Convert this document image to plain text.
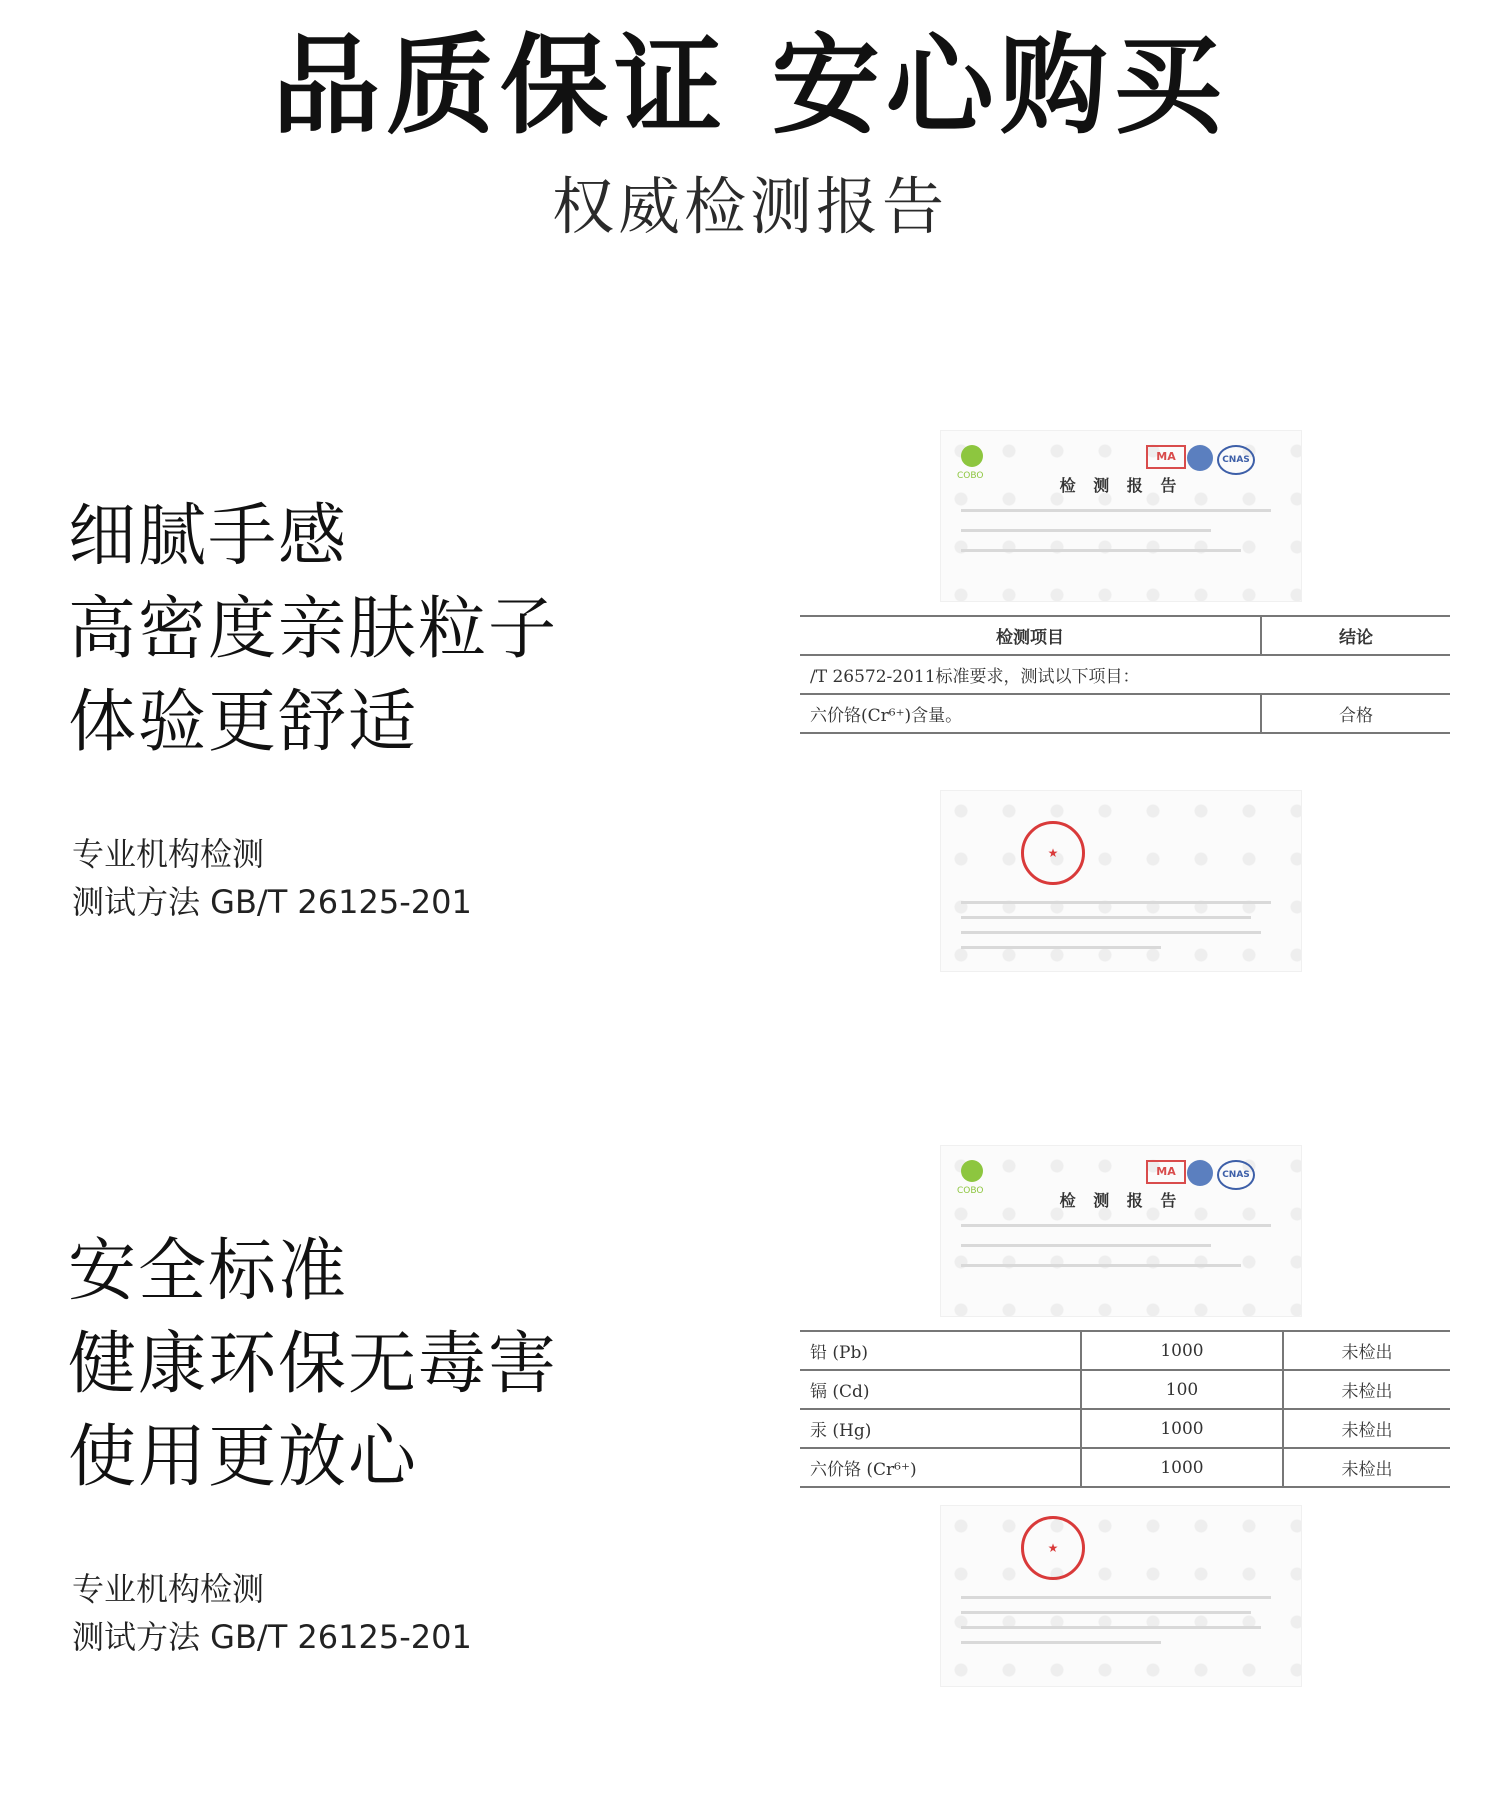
品质保证 安心购买
权威检测报告
细腻手感
高密度亲肤粒子
体验更舒适
专业机构检测
测试方法 GB/T 26125-201
COBO
MA	CNAS
检 测 报 告
检测项目	结论
/T 26572-2011标准要求，测试以下项目：	
六价铬(Cr⁶⁺)含量。	合格
★
安全标准
健康环保无毒害
使用更放心
专业机构检测
测试方法 GB/T 26125-201
COBO
MA	CNAS
检 测 报 告
铅 (Pb)	1000	未检出
镉 (Cd)	100	未检出
汞 (Hg)	1000	未检出
六价铬 (Cr⁶⁺)	1000	未检出
★
